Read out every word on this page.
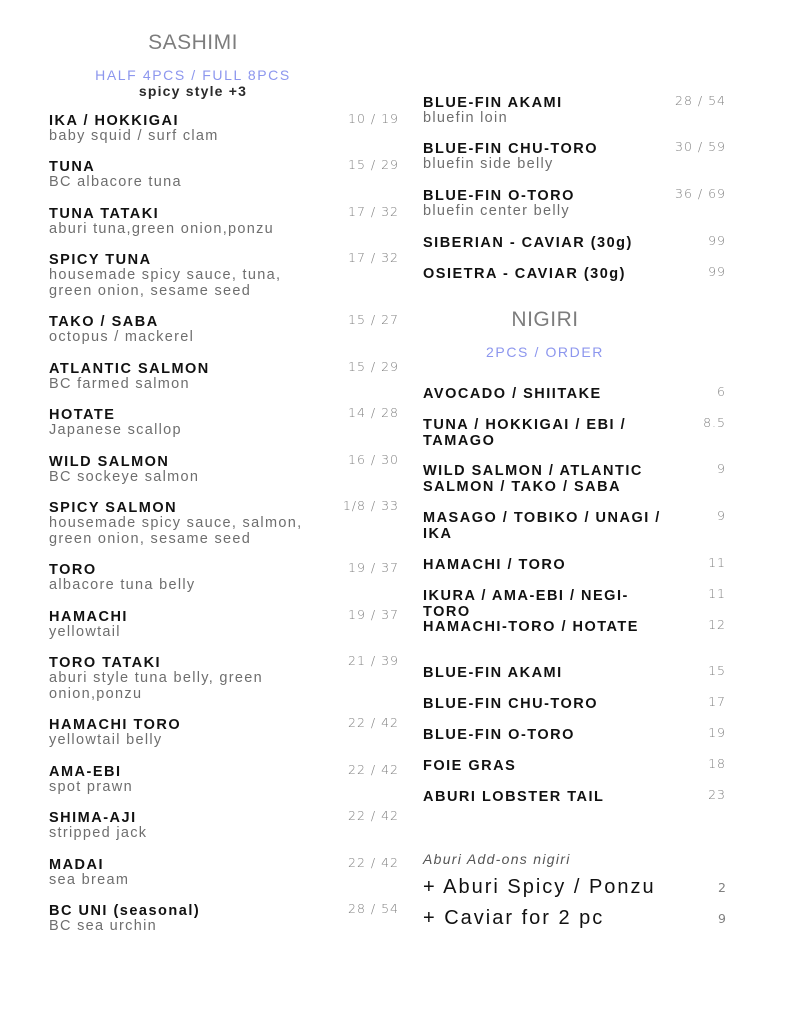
SASHIMI
HALF 4PCS / FULL 8PCS
spicy style +3
IKA / HOKKIGAI
baby squid / surf clam
10 / 19
TUNA
BC albacore tuna
15 / 29
TUNA TATAKI
aburi tuna,green onion,ponzu
17 / 32
SPICY TUNA
housemade spicy sauce, tuna, green onion, sesame seed
17 / 32
TAKO / SABA
octopus / mackerel
15 / 27
ATLANTIC SALMON
BC farmed salmon
15 / 29
HOTATE
Japanese scallop
14 / 28
WILD SALMON
BC sockeye salmon
16 / 30
SPICY SALMON
housemade spicy sauce, salmon, green onion, sesame seed
1/8 / 33
TORO
albacore tuna belly
19 / 37
HAMACHI
yellowtail
19 / 37
TORO TATAKI
aburi style tuna belly, green onion,ponzu
21 / 39
HAMACHI TORO
yellowtail belly
22 / 42
AMA-EBI
spot prawn
22 / 42
SHIMA-AJI
stripped jack
22 / 42
MADAI
sea bream
22 / 42
BC UNI (seasonal)
BC sea urchin
28 / 54
BLUE-FIN AKAMI
bluefin loin
28 / 54
BLUE-FIN CHU-TORO
bluefin side belly
30 / 59
BLUE-FIN O-TORO
bluefin center belly
36 / 69
SIBERIAN - CAVIAR (30g)	99
OSIETRA - CAVIAR (30g)	99
NIGIRI
2PCS / ORDER
AVOCADO / SHIITAKE	6
TUNA / HOKKIGAI / EBI / TAMAGO
8.5
WILD SALMON / ATLANTIC SALMON / TAKO / SABA
9
MASAGO / TOBIKO / UNAGI / IKA
9
HAMACHI / TORO	11
IKURA / AMA-EBI / NEGI-TORO
11
HAMACHI-TORO / HOTATE	12
BLUE-FIN AKAMI	15
BLUE-FIN CHU-TORO	17
BLUE-FIN O-TORO	19
FOIE GRAS	18
ABURI LOBSTER TAIL	23
Aburi Add-ons nigiri
+ Aburi Spicy / Ponzu	2
+ Caviar for 2 pc	9
